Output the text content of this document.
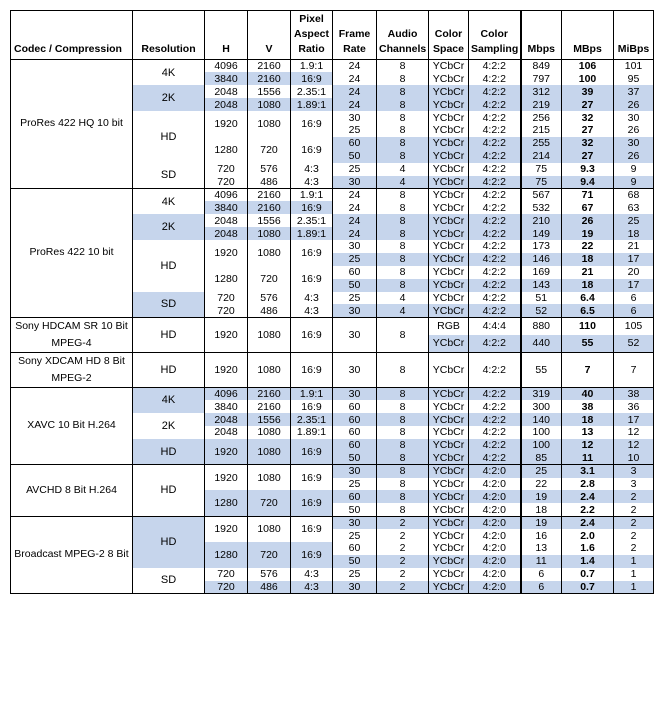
Codec / Compression	Resolution	H	V	Pixel Aspect Ratio	Frame Rate	Audio Channels	Color Space	Color Sampling	Mbps	MBps	MiBps
ProRes 422 HQ 10 bit	4K	4096	2160	1.9:1	24	8	YCbCr	4:2:2	849	106	101
		3840	2160	16:9	24	8	YCbCr	4:2:2	797	100	95
	2K	2048	1556	2.35:1	24	8	YCbCr	4:2:2	312	39	37
		2048	1080	1.89:1	24	8	YCbCr	4:2:2	219	27	26
	HD	1920	1080	16:9	30	8	YCbCr	4:2:2	256	32	30
					25	8	YCbCr	4:2:2	215	27	26
		1280	720	16:9	60	8	YCbCr	4:2:2	255	32	30
					50	8	YCbCr	4:2:2	214	27	26
	SD	720	576	4:3	25	4	YCbCr	4:2:2	75	9.3	9
		720	486	4:3	30	4	YCbCr	4:2:2	75	9.4	9
ProRes 422 10 bit	4K	4096	2160	1.9:1	24	8	YCbCr	4:2:2	567	71	68
		3840	2160	16:9	24	8	YCbCr	4:2:2	532	67	63
	2K	2048	1556	2.35:1	24	8	YCbCr	4:2:2	210	26	25
		2048	1080	1.89:1	24	8	YCbCr	4:2:2	149	19	18
	HD	1920	1080	16:9	30	8	YCbCr	4:2:2	173	22	21
					25	8	YCbCr	4:2:2	146	18	17
		1280	720	16:9	60	8	YCbCr	4:2:2	169	21	20
					50	8	YCbCr	4:2:2	143	18	17
	SD	720	576	4:3	25	4	YCbCr	4:2:2	51	6.4	6
		720	486	4:3	30	4	YCbCr	4:2:2	52	6.5	6
Sony HDCAM SR 10 Bit MPEG-4	HD	1920	1080	16:9	30	8	RGB	4:4:4	880	110	105
							YCbCr	4:2:2	440	55	52
Sony XDCAM HD 8 Bit MPEG-2	HD	1920	1080	16:9	30	8	YCbCr	4:2:2	55	7	7
XAVC 10 Bit H.264	4K	4096	2160	1.9:1	30	8	YCbCr	4:2:2	319	40	38
		3840	2160	16:9	60	8	YCbCr	4:2:2	300	38	36
	2K	2048	1556	2.35:1	60	8	YCbCr	4:2:2	140	18	17
		2048	1080	1.89:1	60	8	YCbCr	4:2:2	100	13	12
	HD	1920	1080	16:9	60	8	YCbCr	4:2:2	100	12	12
					50	8	YCbCr	4:2:2	85	11	10
AVCHD 8 Bit H.264	HD	1920	1080	16:9	30	8	YCbCr	4:2:0	25	3.1	3
					25	8	YCbCr	4:2:0	22	2.8	3
		1280	720	16:9	60	8	YCbCr	4:2:0	19	2.4	2
					50	8	YCbCr	4:2:0	18	2.2	2
Broadcast MPEG-2 8 Bit	HD	1920	1080	16:9	30	2	YCbCr	4:2:0	19	2.4	2
					25	2	YCbCr	4:2:0	16	2.0	2
		1280	720	16:9	60	2	YCbCr	4:2:0	13	1.6	2
					50	2	YCbCr	4:2:0	11	1.4	1
	SD	720	576	4:3	25	2	YCbCr	4:2:0	6	0.7	1
		720	486	4:3	30	2	YCbCr	4:2:0	6	0.7	1
